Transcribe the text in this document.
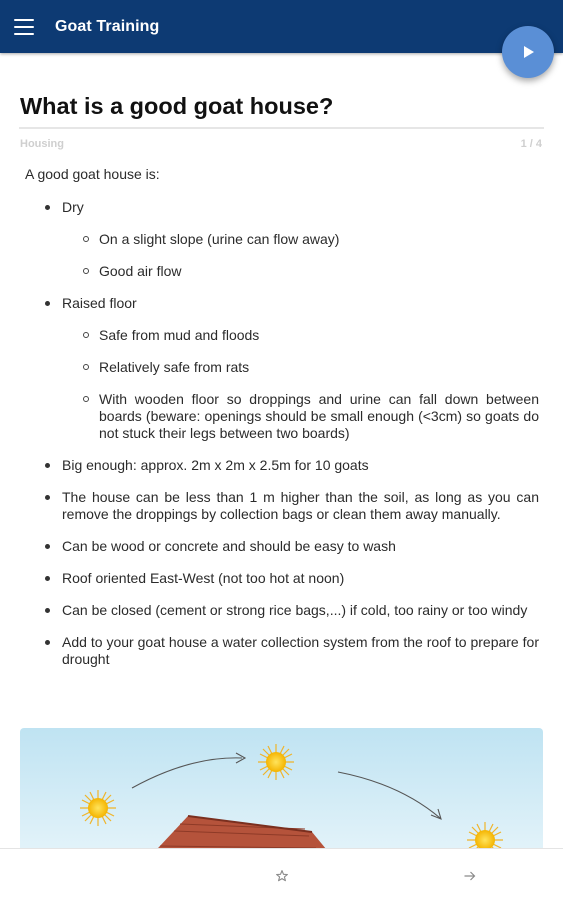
Goat Training
What is a good goat house?
Housing	1 / 4

A good goat house is:

Dry
On a slight slope (urine can flow away)
Good air flow
Raised floor
Safe from mud and floods
Relatively safe from rats
With wooden floor so droppings and urine can fall down between boards (beware: openings should be small enough (<3cm) so goats do not stuck their legs between two boards)
Big enough: approx. 2m x 2m x 2.5m for 10 goats
The house can be less than 1 m higher than the soil, as long as you can remove the droppings by collection bags or clean them away manually.
Can be wood or concrete and should be easy to wash
Roof oriented East-West (not too hot at noon)
Can be closed (cement or strong rice bags,...) if cold, too rainy or too windy
Add to your goat house a water collection system from the roof to prepare for drought
